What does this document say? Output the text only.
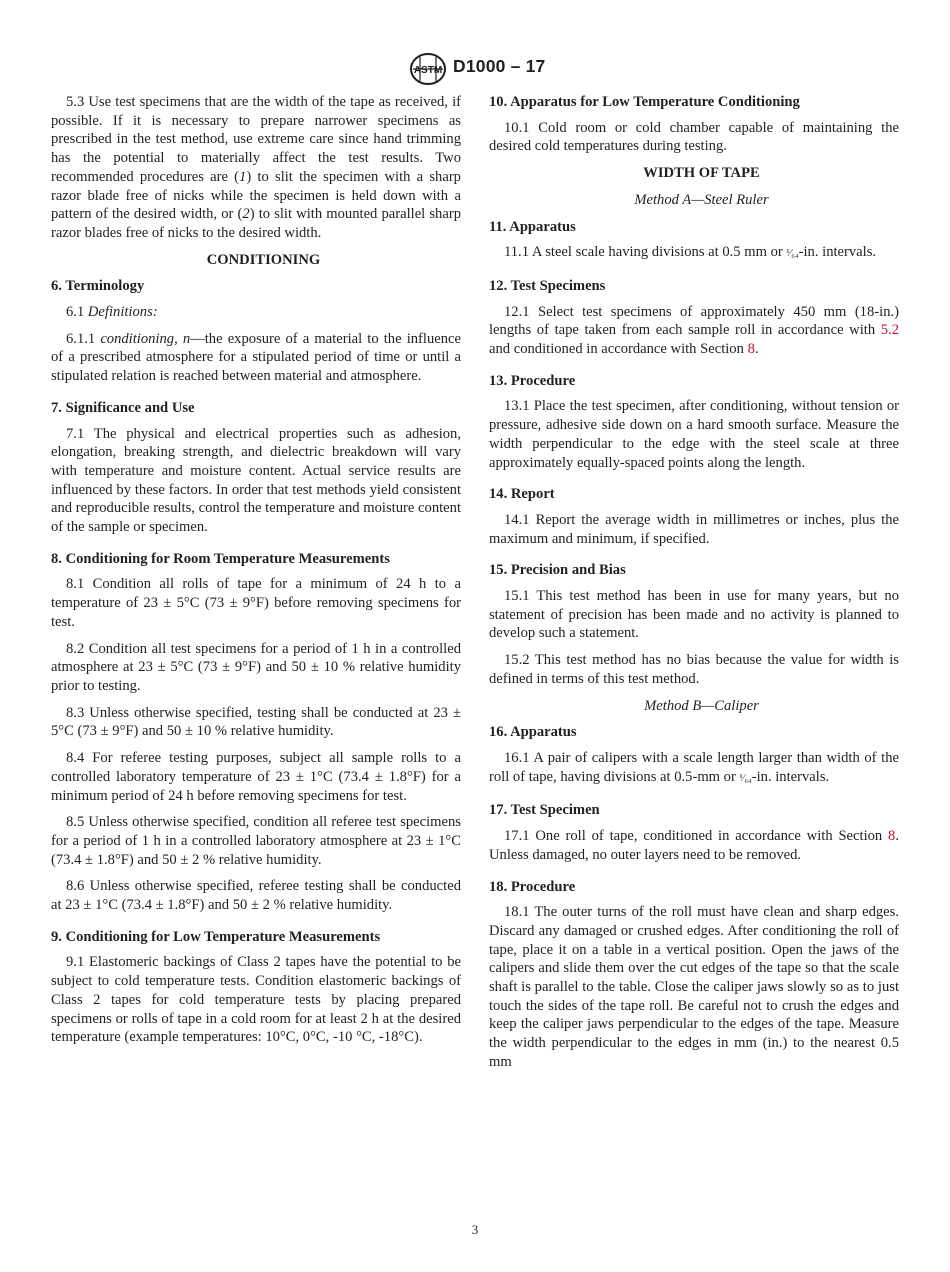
ASTM D1000 – 17

5.3 Use test specimens that are the width of the tape as received, if possible. If it is necessary to prepare narrower specimens as prescribed in the test method, use extreme care since hand trimming has the potential to materially affect the test results. Two recommended procedures are (1) to slit the specimen with a sharp razor blade free of nicks while the specimen is held down with a pattern of the desired width, or (2) to slit with mounted parallel sharp razor blades free of nicks to the desired width.

CONDITIONING

6. Terminology

6.1 Definitions:

6.1.1 conditioning, n—the exposure of a material to the influence of a prescribed atmosphere for a stipulated period of time or until a stipulated relation is reached between material and atmosphere.

7. Significance and Use

7.1 The physical and electrical properties such as adhesion, elongation, breaking strength, and dielectric breakdown will vary with temperature and moisture content. Actual service results are influenced by these factors. In order that test methods yield consistent and reproducible results, control the temperature and moisture content of the sample or specimen.

8. Conditioning for Room Temperature Measurements

8.1 Condition all rolls of tape for a minimum of 24 h to a temperature of 23 ± 5°C (73 ± 9°F) before removing specimens for test.

8.2 Condition all test specimens for a period of 1 h in a controlled atmosphere at 23 ± 5°C (73 ± 9°F) and 50 ± 10 % relative humidity prior to testing.

8.3 Unless otherwise specified, testing shall be conducted at 23 ± 5°C (73 ± 9°F) and 50 ± 10 % relative humidity.

8.4 For referee testing purposes, subject all sample rolls to a controlled laboratory temperature of 23 ± 1°C (73.4 ± 1.8°F) for a minimum period of 24 h before removing specimens for test.

8.5 Unless otherwise specified, condition all referee test specimens for a period of 1 h in a controlled laboratory atmosphere at 23 ± 1°C (73.4 ± 1.8°F) and 50 ± 2 % relative humidity.

8.6 Unless otherwise specified, referee testing shall be conducted at 23 ± 1°C (73.4 ± 1.8°F) and 50 ± 2 % relative humidity.

9. Conditioning for Low Temperature Measurements

9.1 Elastomeric backings of Class 2 tapes have the potential to be subject to cold temperature tests. Condition elastomeric backings of Class 2 tapes for cold temperature tests by placing prepared specimens or rolls of tape in a cold room for at least 2 h at the desired temperature (example temperatures: 10°C, 0°C, -10 °C, -18°C).

10. Apparatus for Low Temperature Conditioning

10.1 Cold room or cold chamber capable of maintaining the desired cold temperatures during testing.

WIDTH OF TAPE

Method A—Steel Ruler

11. Apparatus

11.1 A steel scale having divisions at 0.5 mm or ¹⁄₆₄-in. intervals.

12. Test Specimens

12.1 Select test specimens of approximately 450 mm (18-in.) lengths of tape taken from each sample roll in accordance with 5.2 and conditioned in accordance with Section 8.

13. Procedure

13.1 Place the test specimen, after conditioning, without tension or pressure, adhesive side down on a hard smooth surface. Measure the width perpendicular to the edge with the steel scale at three approximately equally-spaced points along the length.

14. Report

14.1 Report the average width in millimetres or inches, plus the maximum and minimum, if specified.

15. Precision and Bias

15.1 This test method has been in use for many years, but no statement of precision has been made and no activity is planned to develop such a statement.

15.2 This test method has no bias because the value for width is defined in terms of this test method.

Method B—Caliper

16. Apparatus

16.1 A pair of calipers with a scale length larger than width of the roll of tape, having divisions at 0.5-mm or ¹⁄₆₄-in. intervals.

17. Test Specimen

17.1 One roll of tape, conditioned in accordance with Section 8. Unless damaged, no outer layers need to be removed.

18. Procedure

18.1 The outer turns of the roll must have clean and sharp edges. Discard any damaged or crushed edges. After conditioning the roll of tape, place it on a table in a vertical position. Open the jaws of the calipers and slide them over the cut edges of the tape so that the scale shaft is parallel to the table. Close the caliper jaws slowly so as to just touch the sides of the tape roll. Be careful not to crush the edges and keep the caliper jaws perpendicular to the edges of the tape. Measure the width perpendicular to the edges in mm (in.) to the nearest 0.5 mm

3
